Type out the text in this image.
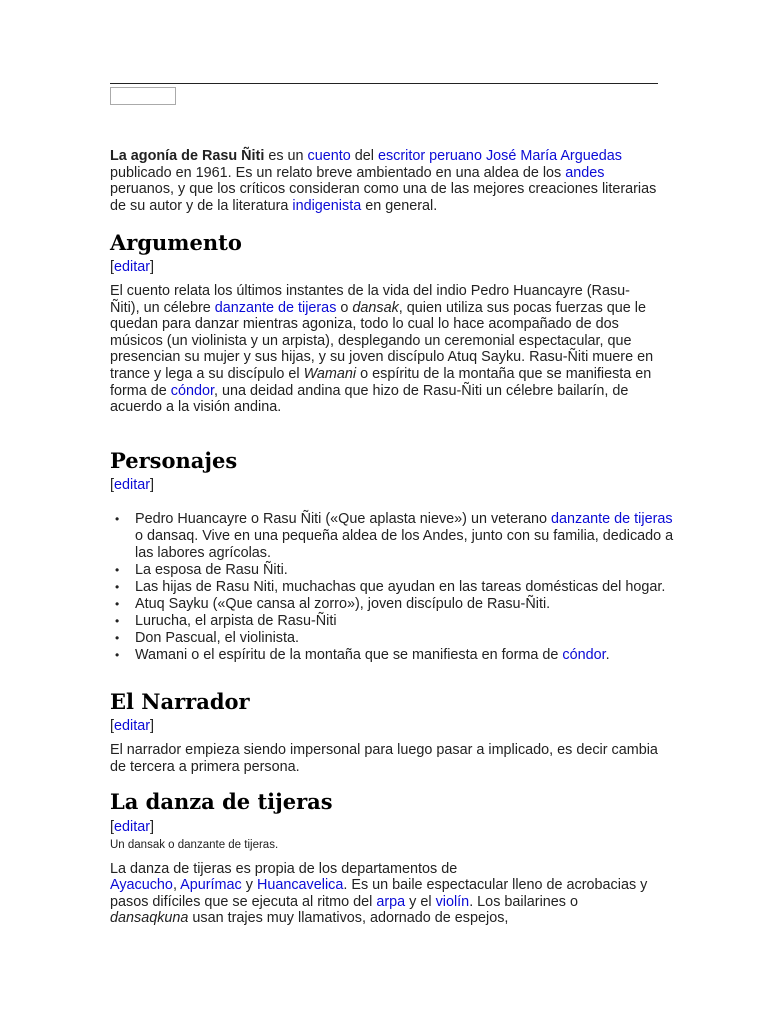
La agonía de Rasu Ñiti es un cuento del escritor peruano José María Arguedas publicado en 1961. Es un relato breve ambientado en una aldea de los andes peruanos, y que los críticos consideran como una de las mejores creaciones literarias de su autor y de la literatura indigenista en general.

Argumento

[editar]

El cuento relata los últimos instantes de la vida del indio Pedro Huancayre (Rasu-Ñiti), un célebre danzante de tijeras o dansak, quien utiliza sus pocas fuerzas que le quedan para danzar mientras agoniza, todo lo cual lo hace acompañado de dos músicos (un violinista y un arpista), desplegando un ceremonial espectacular, que presencian su mujer y sus hijas, y su joven discípulo Atuq Sayku. Rasu-Ñiti muere en trance y lega a su discípulo el Wamani o espíritu de la montaña que se manifiesta en forma de cóndor, una deidad andina que hizo de Rasu-Ñiti un célebre bailarín, de acuerdo a la visión andina.

Personajes

[editar]

• Pedro Huancayre o Rasu Ñiti («Que aplasta nieve») un veterano danzante de tijeras o dansaq. Vive en una pequeña aldea de los Andes, junto con su familia, dedicado a las labores agrícolas.
• La esposa de Rasu Ñiti.
• Las hijas de Rasu Niti, muchachas que ayudan en las tareas domésticas del hogar.
• Atuq Sayku («Que cansa al zorro»), joven discípulo de Rasu-Ñiti.
• Lurucha, el arpista de Rasu-Ñiti
• Don Pascual, el violinista.
• Wamani o el espíritu de la montaña que se manifiesta en forma de cóndor.
El Narrador

[editar]

El narrador empieza siendo impersonal para luego pasar a implicado, es decir cambia de tercera a primera persona.

La danza de tijeras

[editar]

Un dansak o danzante de tijeras.

La danza de tijeras es propia de los departamentos de

Ayacucho, Apurímac y Huancavelica. Es un baile espectacular lleno de acrobacias y pasos difíciles que se ejecuta al ritmo del arpa y el violín. Los bailarines o dansaqkuna usan trajes muy llamativos, adornado de espejos,
